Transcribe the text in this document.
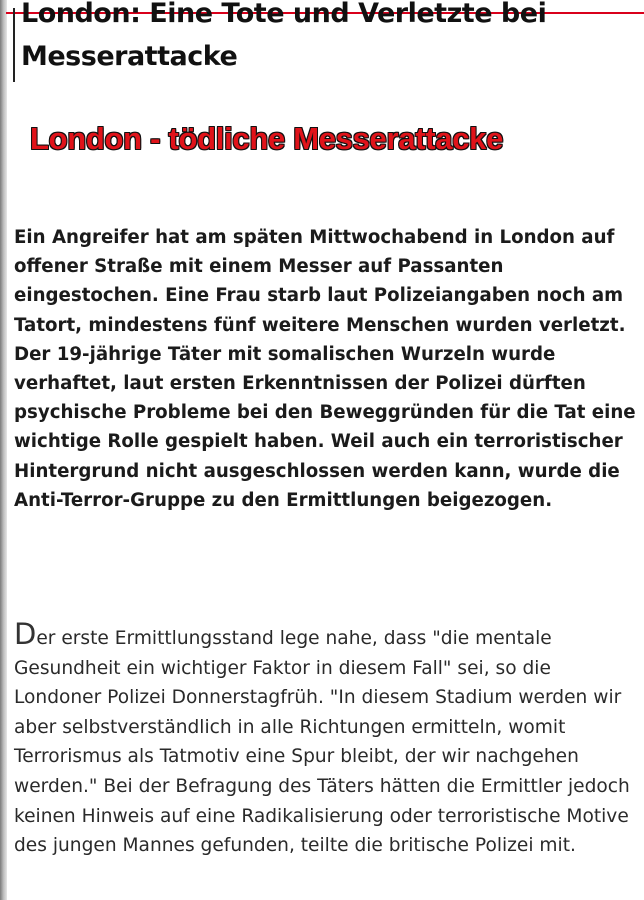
London: Eine Tote und Verletzte bei Messerattacke
London - tödliche Messerattacke

Ein Angreifer hat am späten Mittwochabend in London auf offener Straße mit einem Messer auf Passanten eingestochen. Eine Frau starb laut Polizeiangaben noch am Tatort, mindestens fünf weitere Menschen wurden verletzt. Der 19-jährige Täter mit somalischen Wurzeln wurde verhaftet, laut ersten Erkenntnissen der Polizei dürften psychische Probleme bei den Beweggründen für die Tat eine wichtige Rolle gespielt haben. Weil auch ein terroristischer Hintergrund nicht ausgeschlossen werden kann, wurde die Anti-Terror-Gruppe zu den Ermittlungen beigezogen.

Der erste Ermittlungsstand lege nahe, dass "die mentale Gesundheit ein wichtiger Faktor in diesem Fall" sei, so die Londoner Polizei Donnerstagfrüh. "In diesem Stadium werden wir aber selbstverständlich in alle Richtungen ermitteln, womit Terrorismus als Tatmotiv eine Spur bleibt, der wir nachgehen werden." Bei der Befragung des Täters hätten die Ermittler jedoch keinen Hinweis auf eine Radikalisierung oder terroristische Motive des jungen Mannes gefunden, teilte die britische Polizei mit.
